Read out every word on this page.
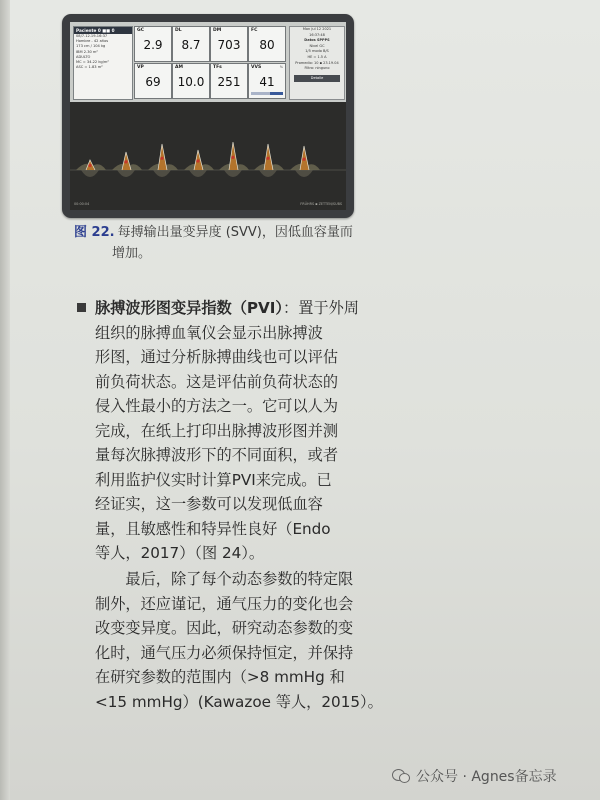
Paciente 0 ■■ 0
08/7.12.19-16:37
Hombre - 42 años
173 cm / 104 kg
IBM 2.30 m²
ADULTO
MC = 34.22 kg/m²
ASC = 1.83 m²
GC
2.9
DL
8.7
DM
703
FC
80
VP
69
AM
10.0
TFs
251
VVS	%
41
Mon Jul 12 2021
16:37:48
Datos SPPPS
Nivel GC
1/5 modo B/S
HE = 1.5 A
Promedio: 10 ▪ 23.19.04
Filtro: ninguno
Detalle
00:00:04	FRÜHRS ▪ ZETTEN/SUBS
图 22. 每搏输出量变异度 (SVV)，因低血容量而
增加。
脉搏波形图变异指数（PVI）：置于外周
组织的脉搏血氧仪会显示出脉搏波
形图，通过分析脉搏曲线也可以评估
前负荷状态。这是评估前负荷状态的
侵入性最小的方法之一。它可以人为
完成，在纸上打印出脉搏波形图并测
量每次脉搏波形下的不同面积，或者
利用监护仪实时计算PVI来完成。已
经证实，这一参数可以发现低血容
量，且敏感性和特异性良好（Endo
等人，2017）（图 24）。
最后，除了每个动态参数的特定限
制外，还应谨记，通气压力的变化也会
改变变异度。因此，研究动态参数的变
化时，通气压力必须保持恒定，并保持
在研究参数的范围内（>8 mmHg 和
<15 mmHg）(Kawazoe 等人，2015）。
公众号 · Agnes备忘录
